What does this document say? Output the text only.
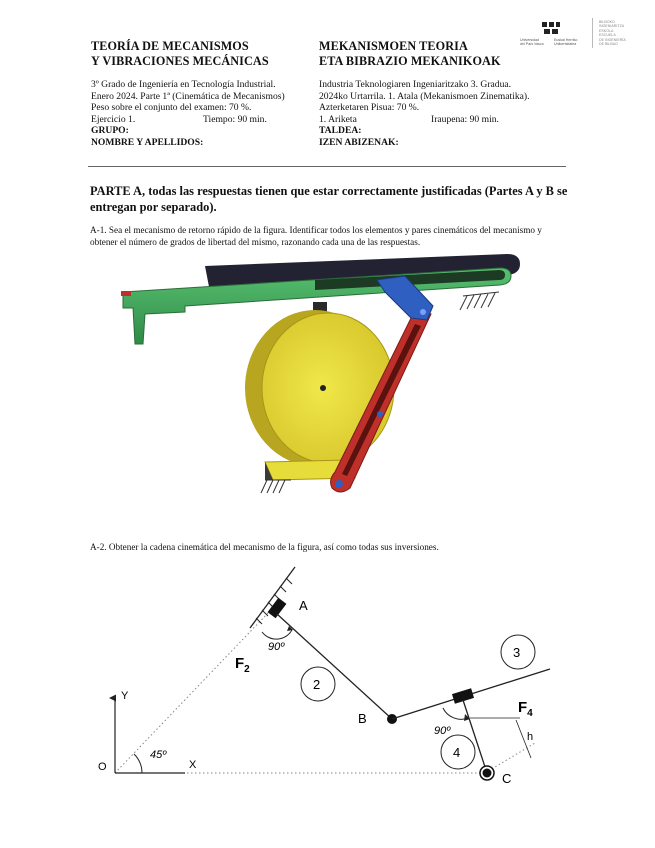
TEORÍA DE MECANISMOS
Y VIBRACIONES MECÁNICAS
MEKANISMOEN TEORIA
ETA BIBRAZIO MEKANIKOAK
Universidad
del País Vasco
Euskal Herriko
Unibertsitatea
BILBOKO
INGENIARITZA
ESKOLA
ESCUELA
DE INGENIERÍA
DE BILBAO
3º Grado de Ingeniería en Tecnología Industrial.
Enero 2024. Parte 1ª (Cinemática de Mecanismos)
Peso sobre el conjunto del examen: 70 %.
Ejercicio 1.	Tiempo: 90 min.
GRUPO:
NOMBRE Y APELLIDOS:
Industria Teknologiaren Ingeniaritzako 3. Gradua.
2024ko Urtarrila. 1. Atala (Mekanismoen Zinematika).
Azterketaren Pisua: 70 %.
1. Ariketa	Iraupena: 90 min.
TALDEA:
IZEN ABIZENAK:
PARTE A, todas las respuestas tienen que estar correctamente justificadas (Partes A y B se entregan por separado).
A-1. Sea el mecanismo de retorno rápido de la figura. Identificar todos los elementos y pares cinemáticos del mecanismo y obtener el número de grados de libertad del mismo, razonando cada una de las respuestas.
A-2. Obtener la cadena cinemática del mecanismo de la figura, así como todas sus inversiones.
Y
X
O
45º
A
90º
B
2
$F_2$
3
4
C
90º
$F_4$
h
